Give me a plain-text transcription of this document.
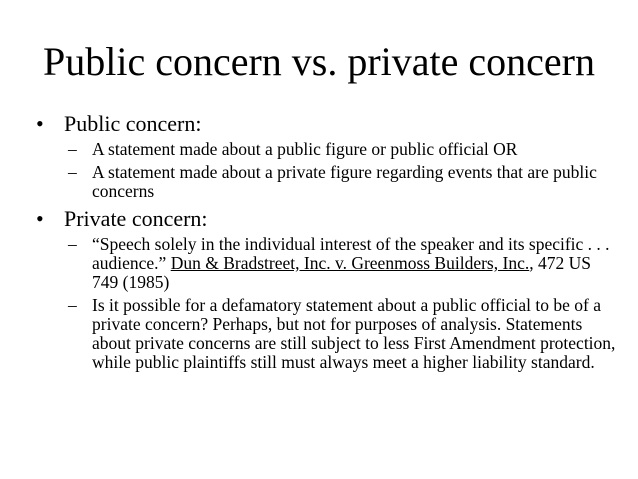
Public concern vs. private concern
• Public concern:
– A statement made about a public figure or public official OR
– A statement made about a private figure regarding events that are public concerns
• Private concern:
– “Speech solely in the individual interest of the speaker and its specific . . . audience.” Dun & Bradstreet, Inc. v. Greenmoss Builders, Inc., 472 US 749 (1985)
– Is it possible for a defamatory statement about a public official to be of a private concern? Perhaps, but not for purposes of analysis. Statements about private concerns are still subject to less First Amendment protection, while public plaintiffs still must always meet a higher liability standard.
